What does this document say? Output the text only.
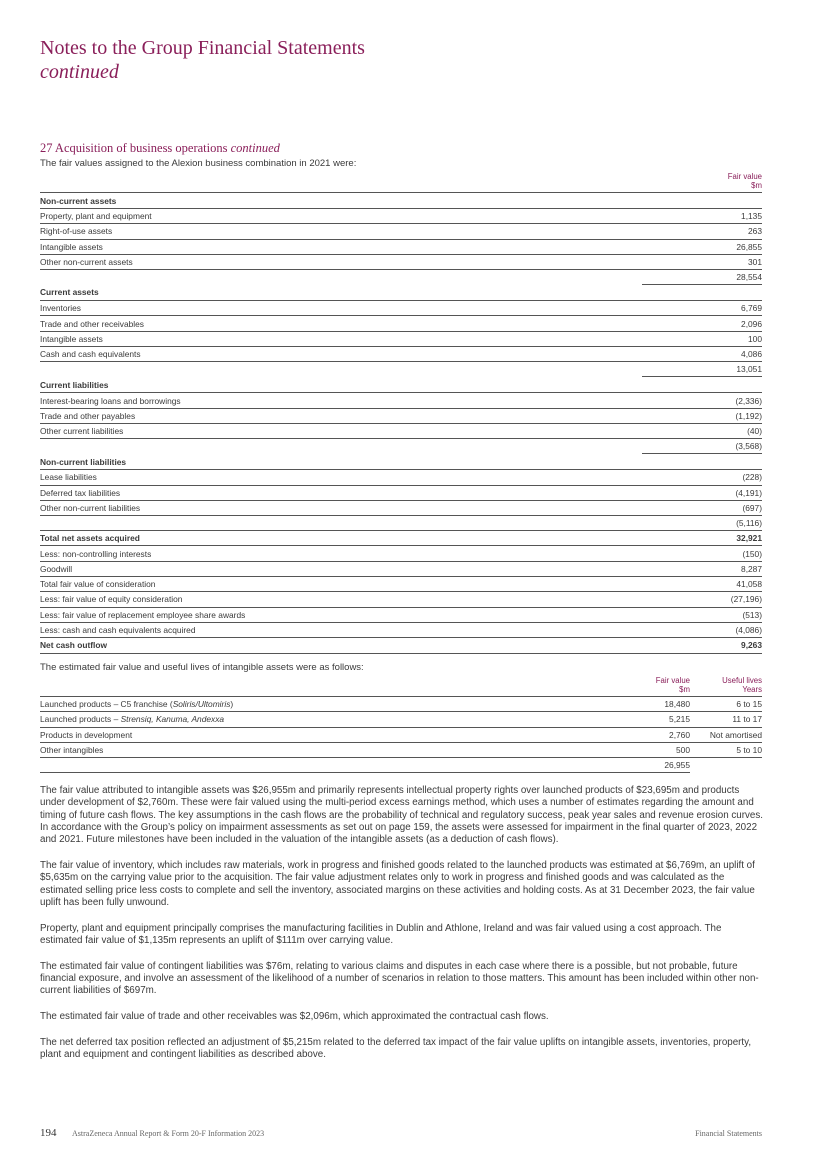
Notes to the Group Financial Statements
continued
27 Acquisition of business operations continued
The fair values assigned to the Alexion business combination in 2021 were:
Fair value
$m
Non-current assets	
Property, plant and equipment	1,135
Right-of-use assets	263
Intangible assets	26,855
Other non-current assets	301
	28,554
Current assets	
Inventories	6,769
Trade and other receivables	2,096
Intangible assets	100
Cash and cash equivalents	4,086
	13,051
Current liabilities	
Interest-bearing loans and borrowings	(2,336)
Trade and other payables	(1,192)
Other current liabilities	(40)
	(3,568)
Non-current liabilities	
Lease liabilities	(228)
Deferred tax liabilities	(4,191)
Other non-current liabilities	(697)
	(5,116)
Total net assets acquired	32,921
Less: non-controlling interests	(150)
Goodwill	8,287
Total fair value of consideration	41,058
Less: fair value of equity consideration	(27,196)
Less: fair value of replacement employee share awards	(513)
Less: cash and cash equivalents acquired	(4,086)
Net cash outflow	9,263
The estimated fair value and useful lives of intangible assets were as follows:
Fair value
$m
Useful lives
Years
Launched products – C5 franchise (Soliris/Ultomiris)	18,480	6 to 15
Launched products – Strensiq, Kanuma, Andexxa	5,215	11 to 17
Products in development	2,760	Not amortised
Other intangibles	500	5 to 10
	26,955	

The fair value attributed to intangible assets was $26,955m and primarily represents intellectual property rights over launched products of $23,695m and products under development of $2,760m. These were fair valued using the multi-period excess earnings method, which uses a number of estimates regarding the amount and timing of future cash flows. The key assumptions in the cash flows are the probability of technical and regulatory success, peak year sales and revenue erosion curves. In accordance with the Group’s policy on impairment assessments as set out on page 159, the assets were assessed for impairment in the final quarter of 2023, 2022 and 2021. Future milestones have been included in the valuation of the intangible assets (as a deduction of cash flows).

The fair value of inventory, which includes raw materials, work in progress and finished goods related to the launched products was estimated at $6,769m, an uplift of $5,635m on the carrying value prior to the acquisition. The fair value adjustment relates only to work in progress and finished goods and was calculated as the estimated selling price less costs to complete and sell the inventory, associated margins on these activities and holding costs. As at 31 December 2023, the fair value uplift has been fully unwound.

Property, plant and equipment principally comprises the manufacturing facilities in Dublin and Athlone, Ireland and was fair valued using a cost approach. The estimated fair value of $1,135m represents an uplift of $111m over carrying value.

The estimated fair value of contingent liabilities was $76m, relating to various claims and disputes in each case where there is a possible, but not probable, future financial exposure, and involve an assessment of the likelihood of a number of scenarios in relation to those matters. This amount has been included within other non-current liabilities of $697m.

The estimated fair value of trade and other receivables was $2,096m, which approximated the contractual cash flows.

The net deferred tax position reflected an adjustment of $5,215m related to the deferred tax impact of the fair value uplifts on intangible assets, inventories, property, plant and equipment and contingent liabilities as described above.

194 AstraZeneca Annual Report & Form 20-F Information 2023	Financial Statements
